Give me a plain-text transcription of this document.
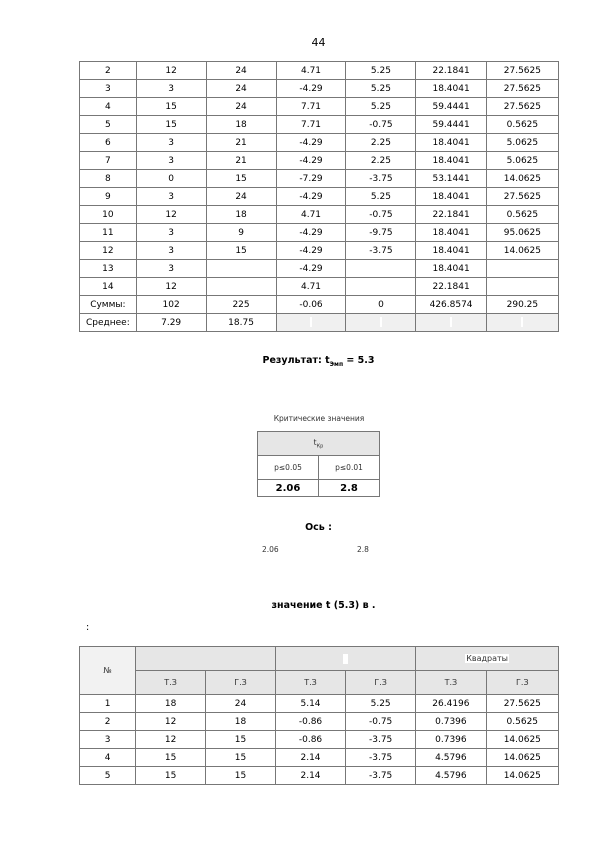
44
2	12	24	4.71	5.25	22.1841	27.5625
3	3	24	-4.29	5.25	18.4041	27.5625
4	15	24	7.71	5.25	59.4441	27.5625
5	15	18	7.71	-0.75	59.4441	0.5625
6	3	21	-4.29	2.25	18.4041	5.0625
7	3	21	-4.29	2.25	18.4041	5.0625
8	0	15	-7.29	-3.75	53.1441	14.0625
9	3	24	-4.29	5.25	18.4041	27.5625
10	12	18	4.71	-0.75	22.1841	0.5625
11	3	9	-4.29	-9.75	18.4041	95.0625
12	3	15	-4.29	-3.75	18.4041	14.0625
13	3		-4.29		18.4041	
14	12		4.71		22.1841	
Суммы:	102	225	-0.06	0	426.8574	290.25
Среднее:	7.29	18.75				
Результат: $t_{Эмп} = 5.3$
Критические значения
$t_{Кр}$
p≤0.05	p≤0.01
2.06	2.8
Ось :
2.06	2.8
значение t (5.3) в .
:
№					Квадраты	
	Т.З	Г.З	Т.З	Г.З	Т.З	Г.З
1	18	24	5.14	5.25	26.4196	27.5625
2	12	18	-0.86	-0.75	0.7396	0.5625
3	12	15	-0.86	-3.75	0.7396	14.0625
4	15	15	2.14	-3.75	4.5796	14.0625
5	15	15	2.14	-3.75	4.5796	14.0625
